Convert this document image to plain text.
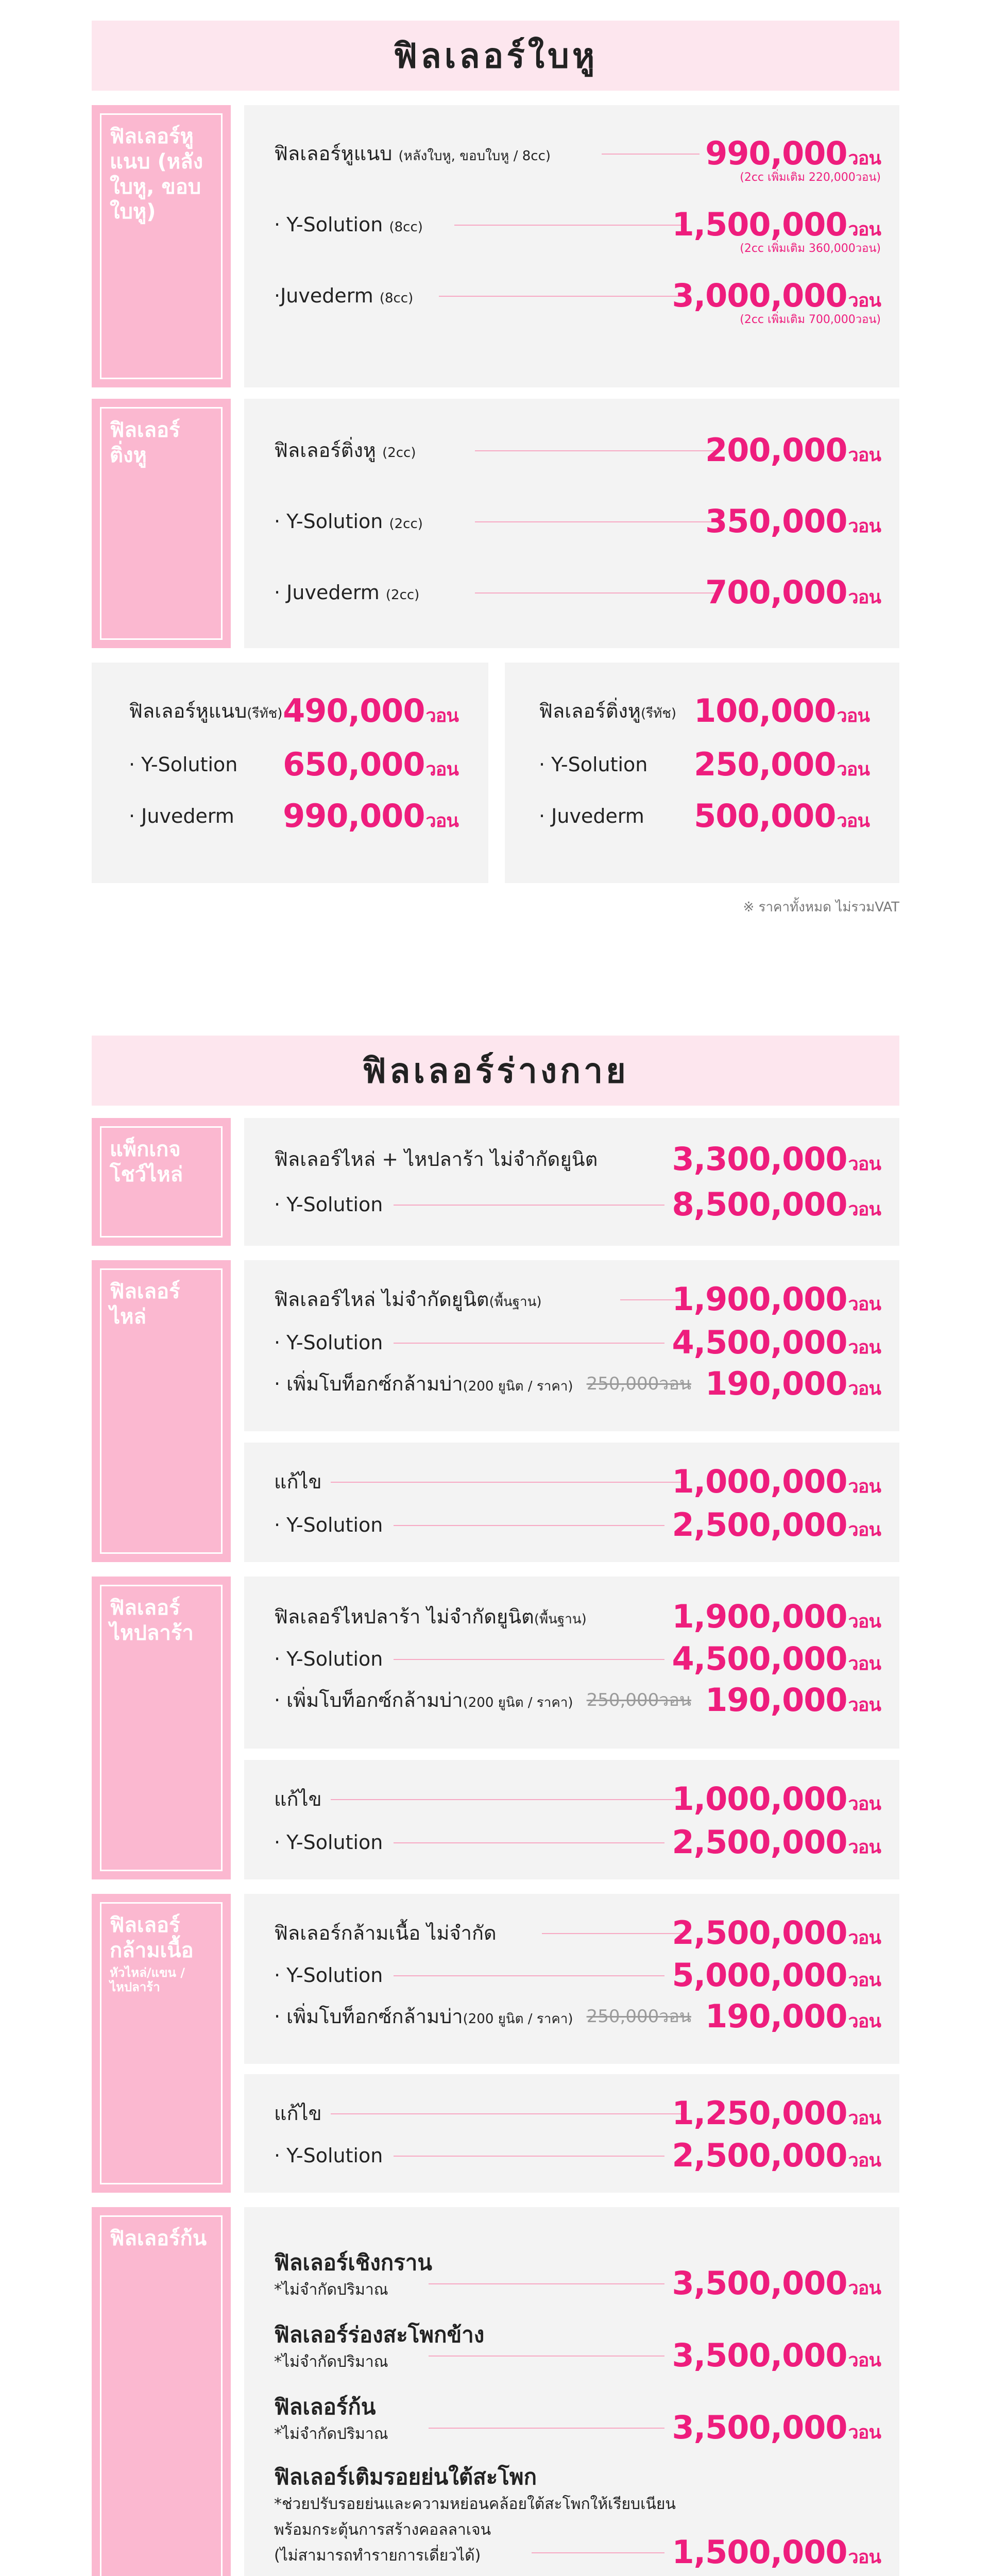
ฟิลเลอร์ใบหู
ฟิลเลอร์หูแนบ (หลังใบหู, ขอบใบหู)
ฟิลเลอร์หูแนบ (หลังใบหู, ขอบใบหู / 8cc)	990,000วอน
(2cc เพิ่มเติม 220,000วอน)
· Y-Solution (8cc)	1,500,000วอน
(2cc เพิ่มเติม 360,000วอน)
·Juvederm (8cc)	3,000,000วอน
(2cc เพิ่มเติม 700,000วอน)
ฟิลเลอร์ติ่งหู	ฟิลเลอร์ติ่งหู (2cc)	200,000วอน
· Y-Solution (2cc)	350,000วอน
· Juvederm (2cc)	700,000วอน
ฟิลเลอร์หูแนบ(รีทัช) 490,000วอน
· Y-Solution 650,000วอน
· Juvederm 990,000วอน
ฟิลเลอร์ติ่งหู(รีทัช) 100,000วอน
· Y-Solution 250,000วอน
· Juvederm 500,000วอน
※ ราคาทั้งหมด ไม่รวมVAT
ฟิลเลอร์ร่างกาย
แพ็กเกจโชว์ไหล่
ฟิลเลอร์ไหล่ + ไหปลาร้า ไม่จำกัดยูนิต 3,300,000วอน
· Y-Solution	8,500,000วอน
ฟิลเลอร์ไหล่
ฟิลเลอร์ไหล่ ไม่จำกัดยูนิต(พื้นฐาน)	1,900,000วอน
· Y-Solution	4,500,000วอน
· เพิ่มโบท็อกซ์กล้ามบ่า(200 ยูนิต / ราคา) 250,000วอน 190,000วอน
แก้ไข	1,000,000วอน
· Y-Solution	2,500,000วอน
ฟิลเลอร์ไหปลาร้า
ฟิลเลอร์ไหปลาร้า ไม่จำกัดยูนิต(พื้นฐาน)	1,900,000วอน
· Y-Solution	4,500,000วอน
· เพิ่มโบท็อกซ์กล้ามบ่า(200 ยูนิต / ราคา) 250,000วอน 190,000วอน
แก้ไข	1,000,000วอน
· Y-Solution	2,500,000วอน
ฟิลเลอร์กล้ามเนื้อ
หัวไหล่/แขน /ไหปลาร้า
ฟิลเลอร์กล้ามเนื้อ ไม่จำกัด	2,500,000วอน
· Y-Solution	5,000,000วอน
· เพิ่มโบท็อกซ์กล้ามบ่า(200 ยูนิต / ราคา) 250,000วอน 190,000วอน
แก้ไข	1,250,000วอน
· Y-Solution	2,500,000วอน
ฟิลเลอร์ก้น
ฟิลเลอร์เชิงกราน
*ไม่จำกัดปริมาณ	3,500,000วอน
ฟิลเลอร์ร่องสะโพกข้าง
*ไม่จำกัดปริมาณ	3,500,000วอน
ฟิลเลอร์ก้น
*ไม่จำกัดปริมาณ	3,500,000วอน
ฟิลเลอร์เติมรอยย่นใต้สะโพก
*ช่วยปรับรอยย่นและความหย่อนคล้อยใต้สะโพกให้เรียบเนียน
พร้อมกระตุ้นการสร้างคอลลาเจน
(ไม่สามารถทำรายการเดี่ยวได้)	1,500,000วอน
